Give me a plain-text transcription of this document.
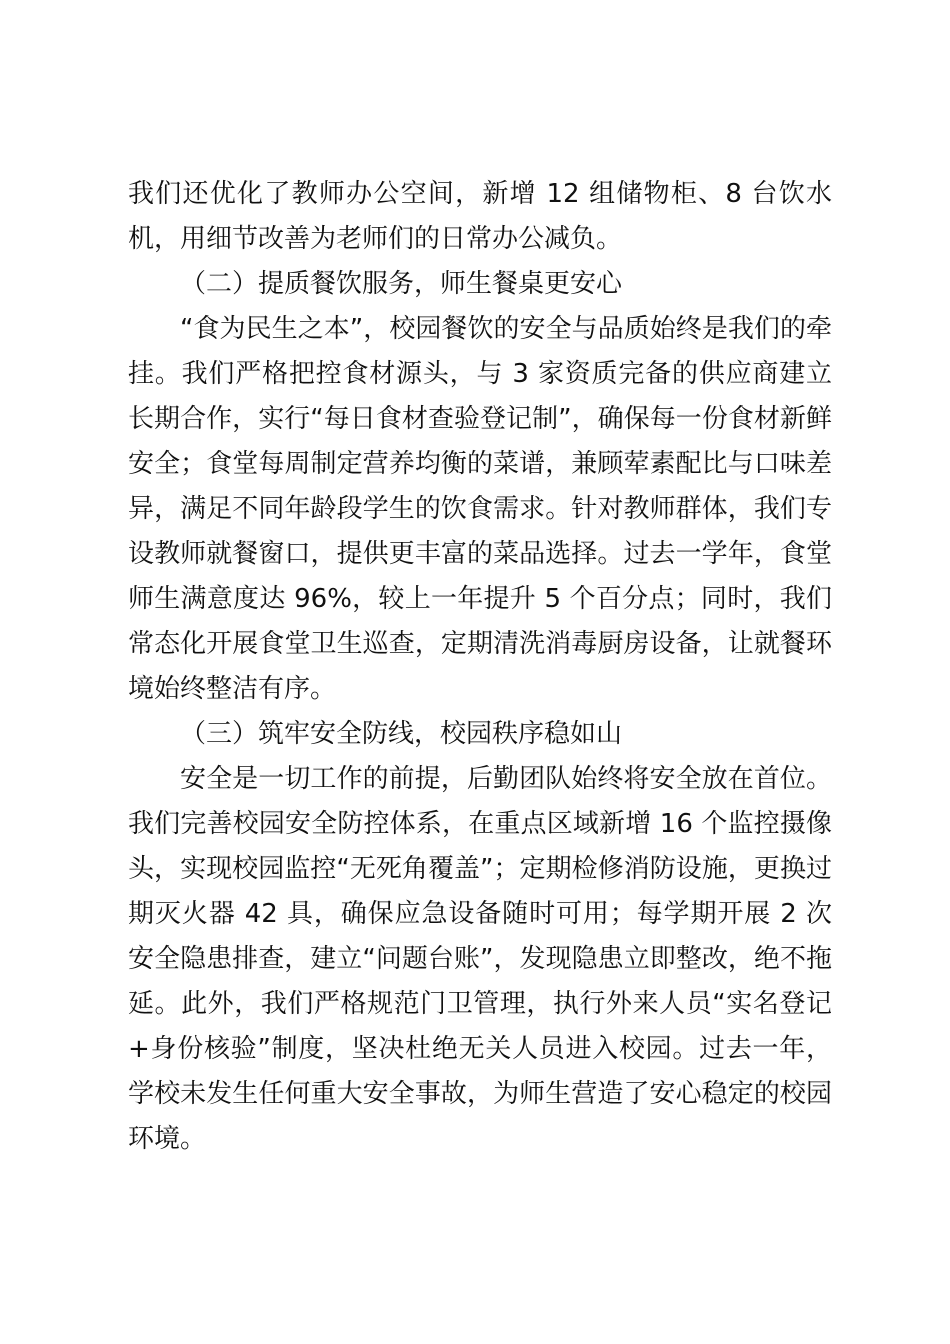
我们还优化了教师办公空间，新增 12 组储物柜、8 台饮水机，用细节改善为老师们的日常办公减负。

（二）提质餐饮服务，师生餐桌更安心

“食为民生之本”，校园餐饮的安全与品质始终是我们的牵挂。我们严格把控食材源头，与 3 家资质完备的供应商建立长期合作，实行“每日食材查验登记制”，确保每一份食材新鲜安全；食堂每周制定营养均衡的菜谱，兼顾荤素配比与口味差异，满足不同年龄段学生的饮食需求。针对教师群体，我们专设教师就餐窗口，提供更丰富的菜品选择。过去一学年，食堂师生满意度达 96%，较上一年提升 5 个百分点；同时，我们常态化开展食堂卫生巡查，定期清洗消毒厨房设备，让就餐环境始终整洁有序。

（三）筑牢安全防线，校园秩序稳如山

安全是一切工作的前提，后勤团队始终将安全放在首位。我们完善校园安全防控体系，在重点区域新增 16 个监控摄像头，实现校园监控“无死角覆盖”；定期检修消防设施，更换过期灭火器 42 具，确保应急设备随时可用；每学期开展 2 次安全隐患排查，建立“问题台账”，发现隐患立即整改，绝不拖延。此外，我们严格规范门卫管理，执行外来人员“实名登记+身份核验”制度，坚决杜绝无关人员进入校园。过去一年，学校未发生任何重大安全事故，为师生营造了安心稳定的校园环境。
